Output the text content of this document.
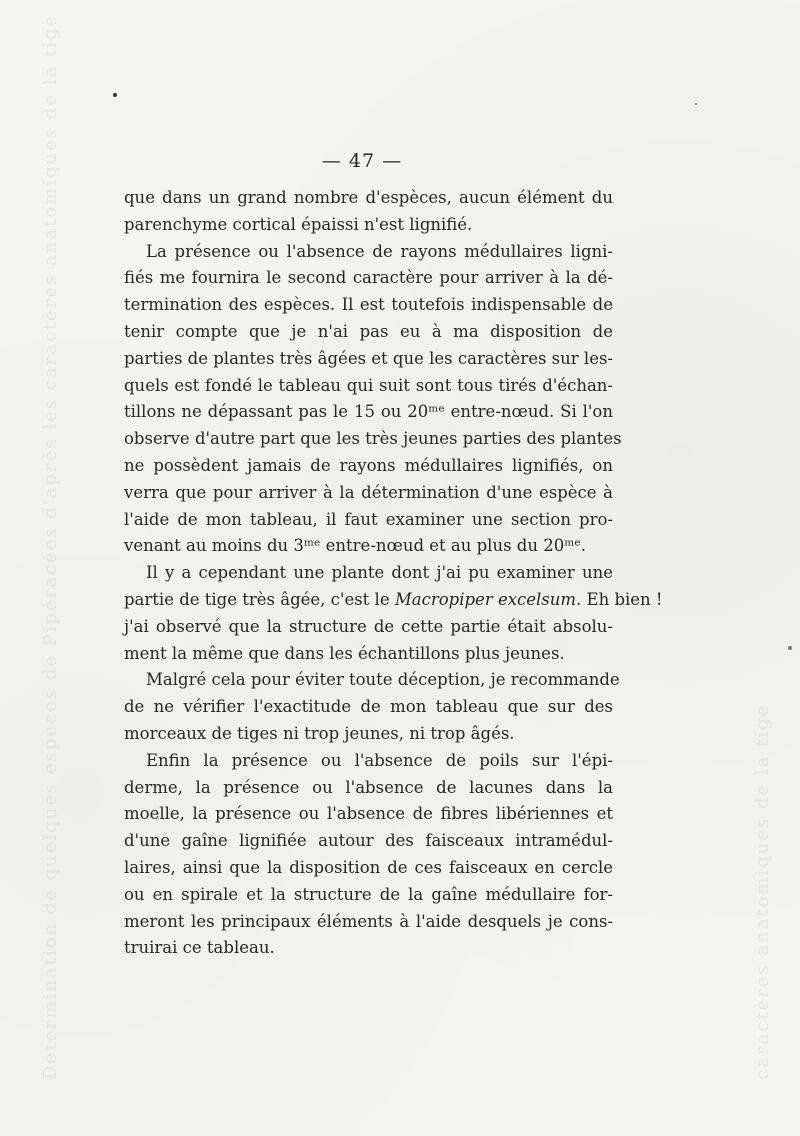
Détermination de quelques espèces de Pipéracées d'après les caractères anatomiques de la tige	caractères anatomiques de la tige
— 47 —
que dans un grand nombre d'espèces, aucun élément du
parenchyme cortical épaissi n'est lignifié.
La présence ou l'absence de rayons médullaires ligni-
fiés me fournira le second caractère pour arriver à la dé-
termination des espèces. Il est toutefois indispensable de
tenir compte que je n'ai pas eu à ma disposition de
parties de plantes très âgées et que les caractères sur les-
quels est fondé le tableau qui suit sont tous tirés d'échan-
tillons ne dépassant pas le 15 ou 20ᵐᵉ entre-nœud. Si l'on
observe d'autre part que les très jeunes parties des plantes
ne possèdent jamais de rayons médullaires lignifiés, on
verra que pour arriver à la détermination d'une espèce à
l'aide de mon tableau, il faut examiner une section pro-
venant au moins du 3ᵐᵉ entre-nœud et au plus du 20ᵐᵉ.
Il y a cependant une plante dont j'ai pu examiner une
partie de tige très âgée, c'est le Macropiper excelsum. Eh bien !
j'ai observé que la structure de cette partie était absolu-
ment la même que dans les échantillons plus jeunes.
Malgré cela pour éviter toute déception, je recommande
de ne vérifier l'exactitude de mon tableau que sur des
morceaux de tiges ni trop jeunes, ni trop âgés.
Enfin la présence ou l'absence de poils sur l'épi-
derme, la présence ou l'absence de lacunes dans la
moelle, la présence ou l'absence de fibres libériennes et
d'une gaîne lignifiée autour des faisceaux intramédul-
laires, ainsi que la disposition de ces faisceaux en cercle
ou en spirale et la structure de la gaîne médullaire for-
meront les principaux éléments à l'aide desquels je cons-
truirai ce tableau.
